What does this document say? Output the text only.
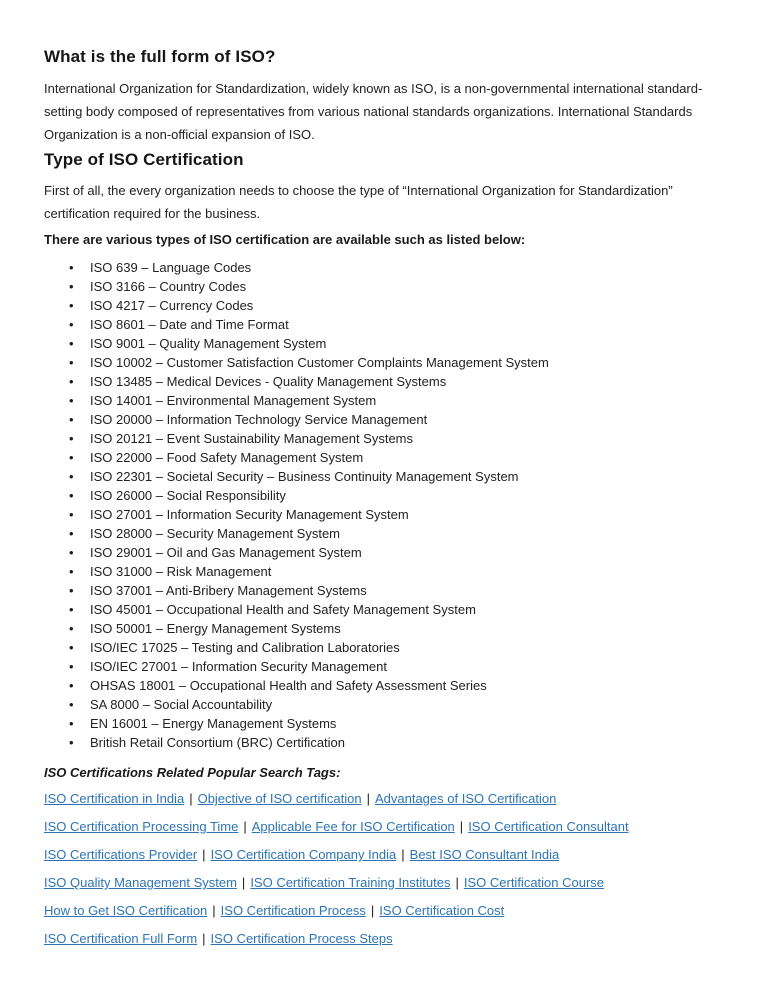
What is the full form of ISO?

International Organization for Standardization, widely known as ISO, is a non-governmental international standard-setting body composed of representatives from various national standards organizations. International Standards Organization is a non-official expansion of ISO.

Type of ISO Certification

First of all, the every organization needs to choose the type of “International Organization for Standardization” certification required for the business.

There are various types of ISO certification are available such as listed below:

• ISO 639 – Language Codes
• ISO 3166 – Country Codes
• ISO 4217 – Currency Codes
• ISO 8601 – Date and Time Format
• ISO 9001 – Quality Management System
• ISO 10002 – Customer Satisfaction Customer Complaints Management System
• ISO 13485 – Medical Devices - Quality Management Systems
• ISO 14001 – Environmental Management System
• ISO 20000 – Information Technology Service Management
• ISO 20121 – Event Sustainability Management Systems
• ISO 22000 – Food Safety Management System
• ISO 22301 – Societal Security – Business Continuity Management System
• ISO 26000 – Social Responsibility
• ISO 27001 – Information Security Management System
• ISO 28000 – Security Management System
• ISO 29001 – Oil and Gas Management System
• ISO 31000 – Risk Management
• ISO 37001 – Anti-Bribery Management Systems
• ISO 45001 – Occupational Health and Safety Management System
• ISO 50001 – Energy Management Systems
• ISO/IEC 17025 – Testing and Calibration Laboratories
• ISO/IEC 27001 – Information Security Management
• OHSAS 18001 – Occupational Health and Safety Assessment Series
• SA 8000 – Social Accountability
• EN 16001 – Energy Management Systems
• British Retail Consortium (BRC) Certification

ISO Certifications Related Popular Search Tags:

ISO Certification in India | Objective of ISO certification | Advantages of ISO Certification

ISO Certification Processing Time | Applicable Fee for ISO Certification | ISO Certification Consultant

ISO Certifications Provider | ISO Certification Company India | Best ISO Consultant India

ISO Quality Management System | ISO Certification Training Institutes | ISO Certification Course

How to Get ISO Certification | ISO Certification Process | ISO Certification Cost

ISO Certification Full Form | ISO Certification Process Steps
